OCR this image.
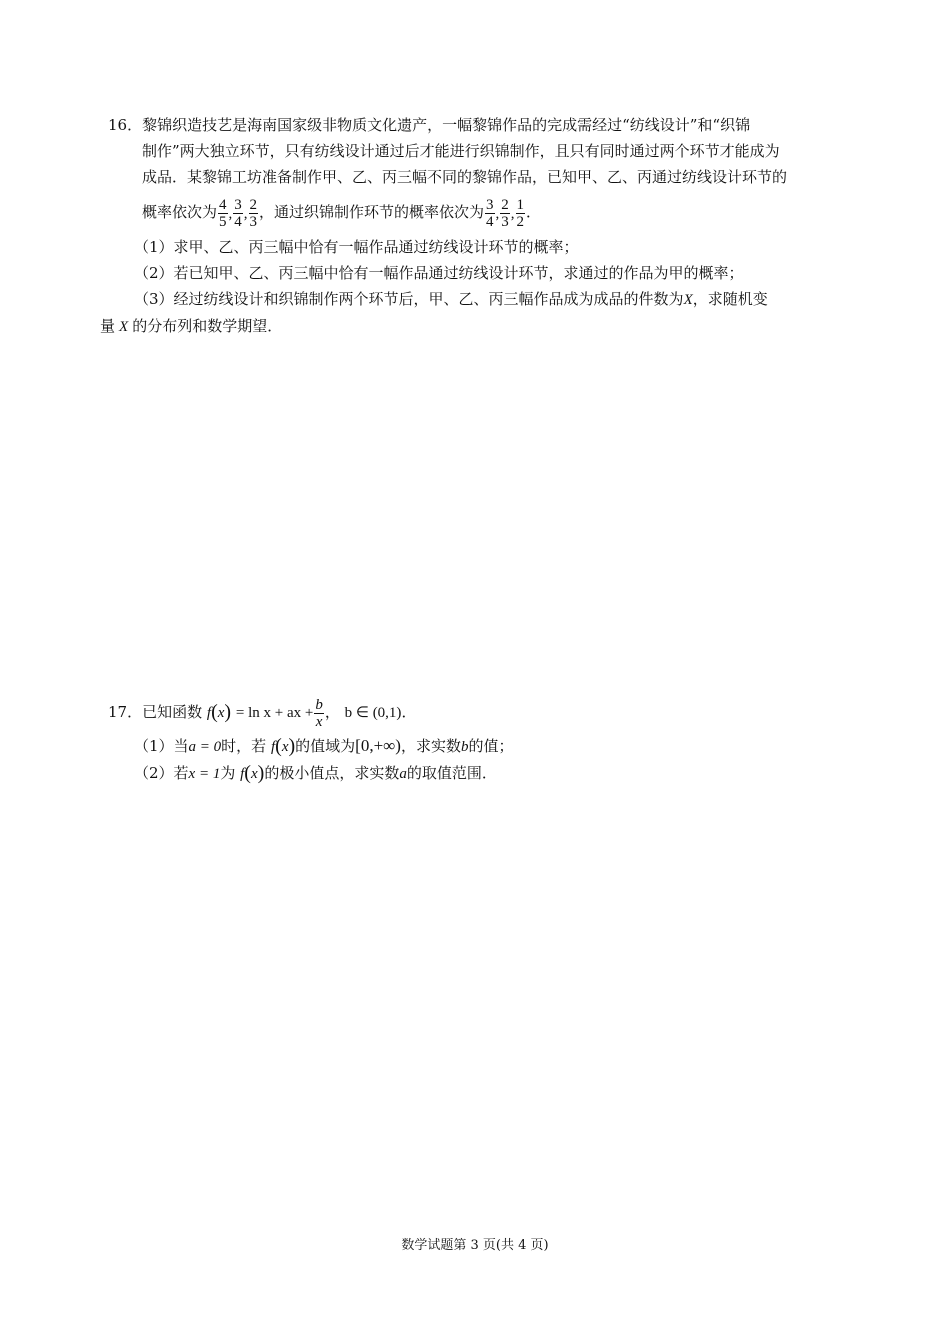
16．黎锦织造技艺是海南国家级非物质文化遗产，一幅黎锦作品的完成需经过“纺线设计”和“织锦
制作”两大独立环节，只有纺线设计通过后才能进行织锦制作，且只有同时通过两个环节才能成为
成品．某黎锦工坊准备制作甲、乙、丙三幅不同的黎锦作品，已知甲、乙、丙通过纺线设计环节的
概率依次为 $\frac{4}{5}$ , $\frac{3}{4}$ , $\frac{2}{3}$ ，通过织锦制作环节的概率依次为 $\frac{3}{4}$ , $\frac{2}{3}$ , $\frac{1}{2}$ ．
（1）求甲、乙、丙三幅中恰有一幅作品通过纺线设计环节的概率；
（2）若已知甲、乙、丙三幅中恰有一幅作品通过纺线设计环节，求通过的作品为甲的概率；
（3）经过纺线设计和织锦制作两个环节后，甲、乙、丙三幅作品成为成品的件数为X，求随机变
量 X 的分布列和数学期望．
17．已知函数 f(x) = ln x + ax + $\frac{b}{x}$ ， b ∈ (0,1)．
（1）当a = 0时，若 f(x)的值域为[0,+∞)，求实数b的值；
（2）若x = 1为 f(x)的极小值点，求实数a的取值范围．
数学试题第 3 页(共 4 页)
